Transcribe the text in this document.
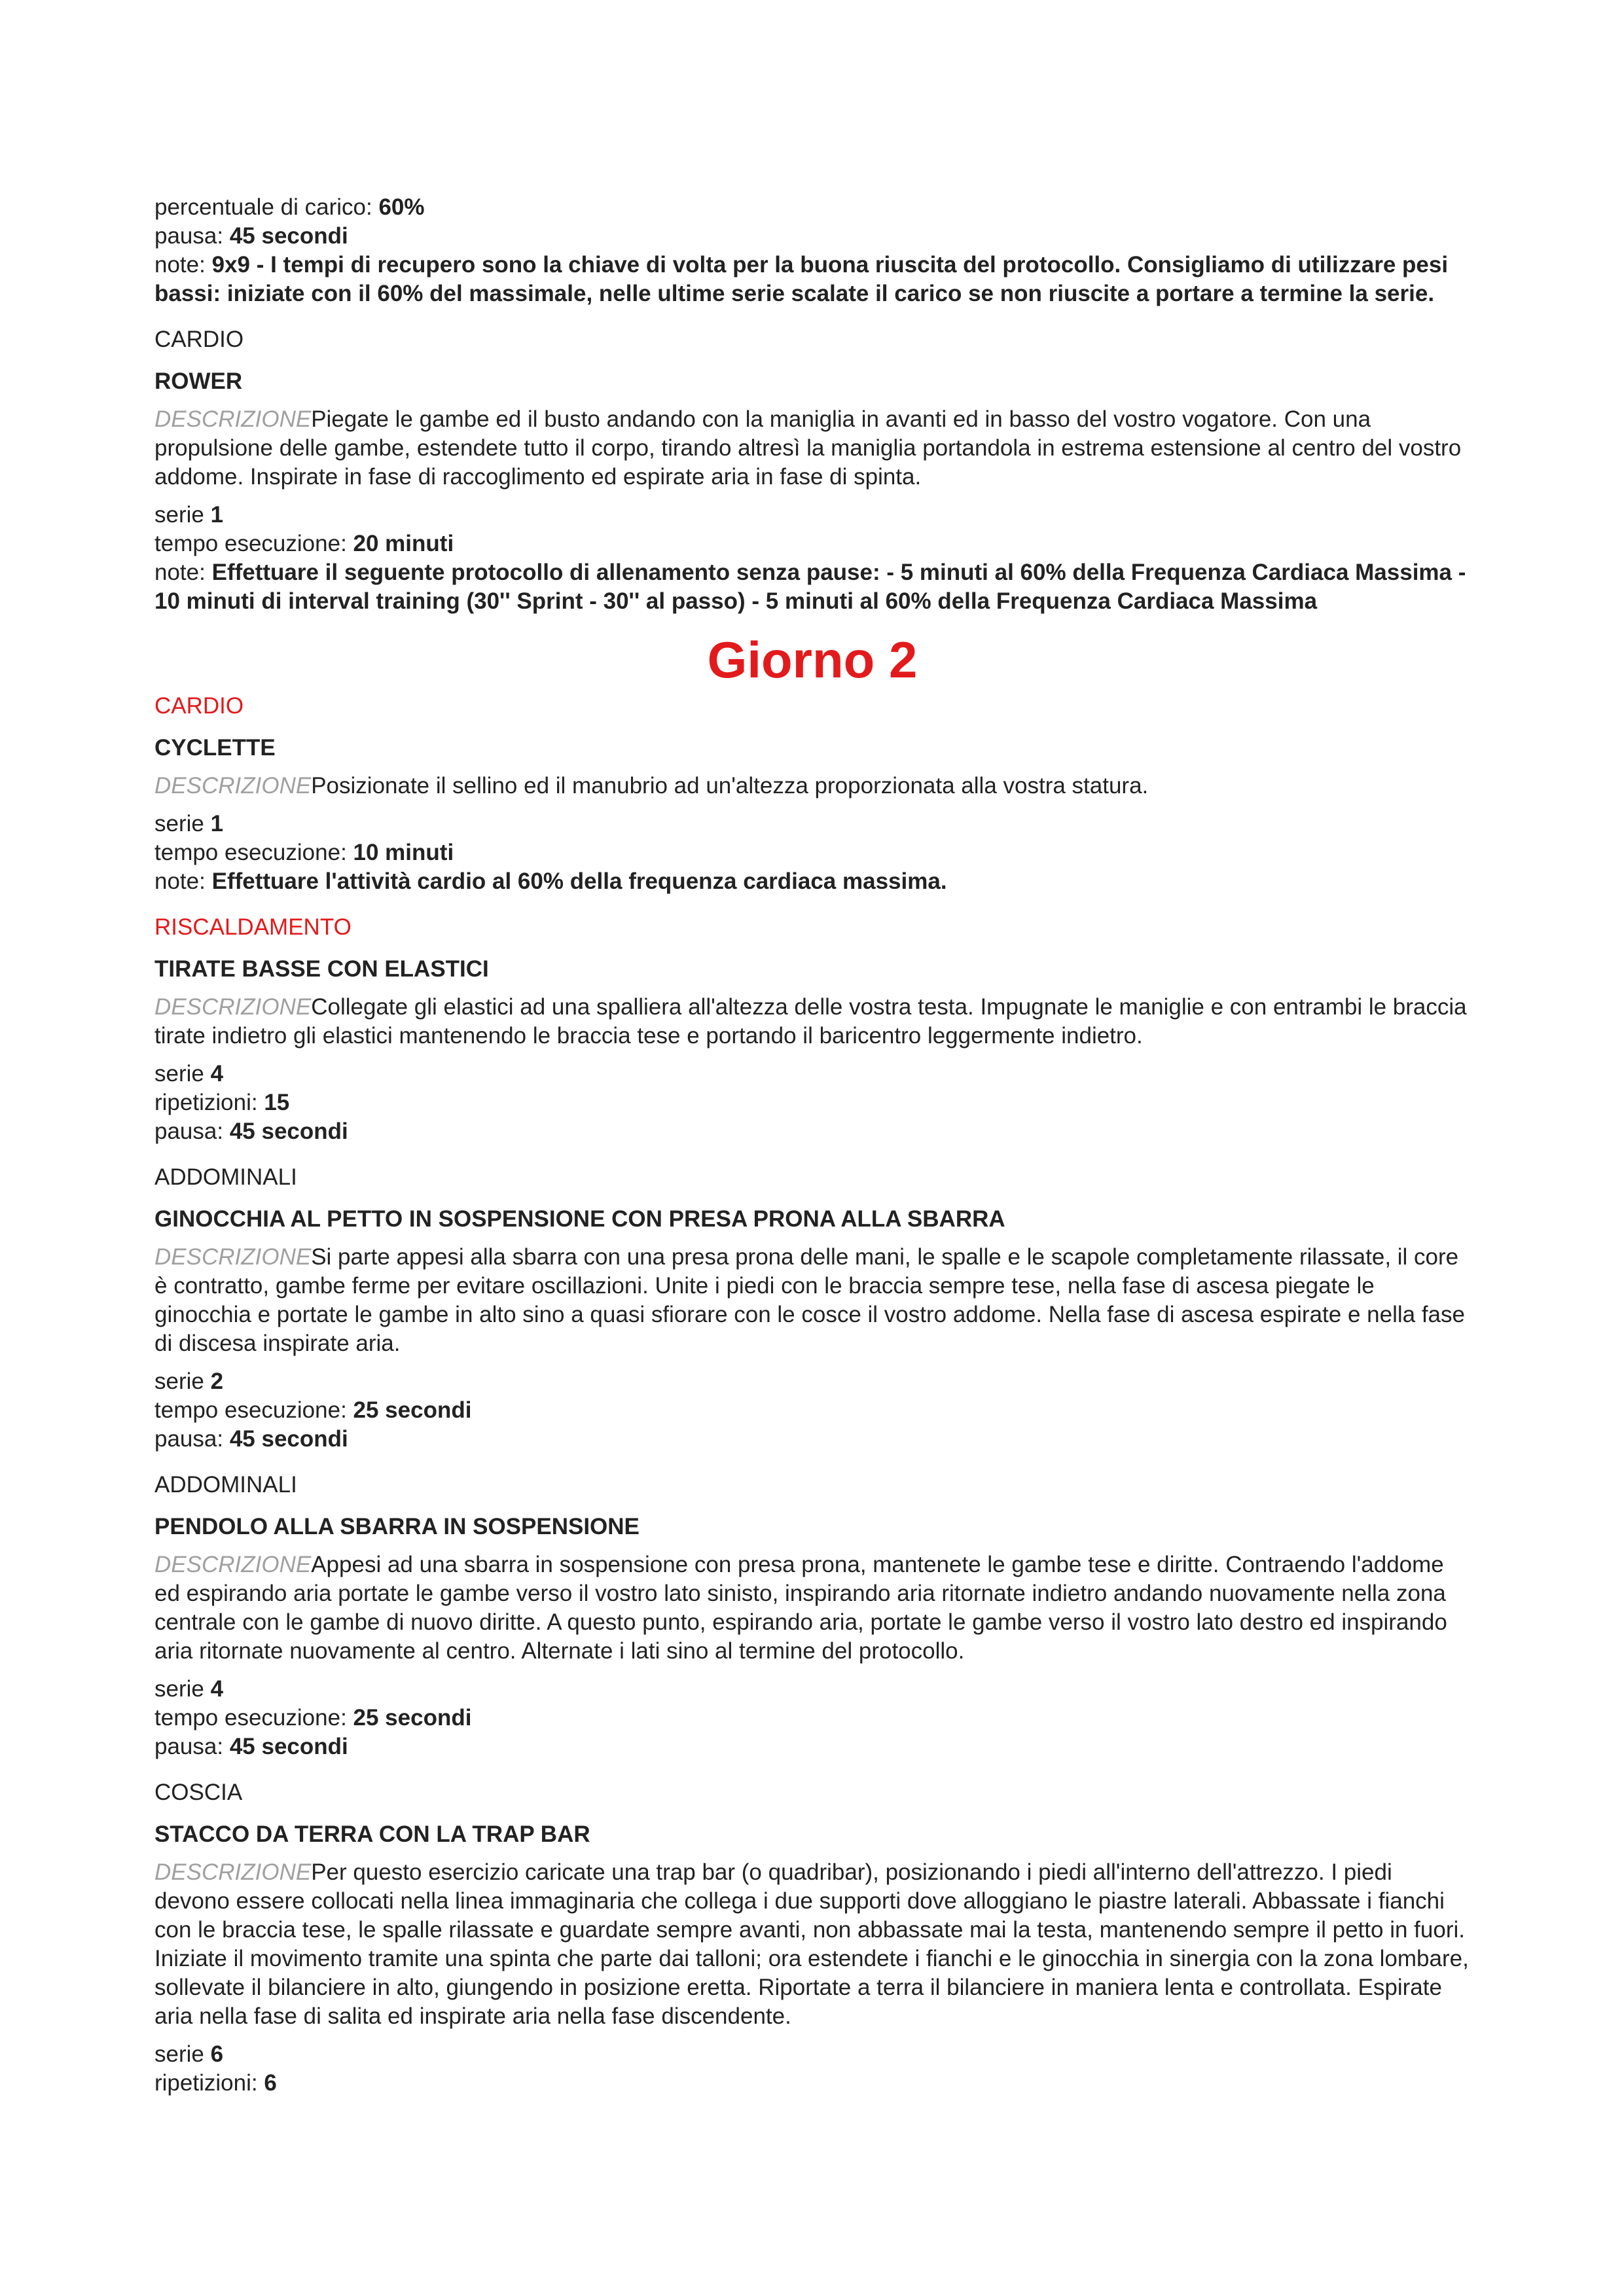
percentuale di carico: 60%

pausa: 45 secondi

note: 9x9 - I tempi di recupero sono la chiave di volta per la buona riuscita del protocollo. Consigliamo di utilizzare pesi bassi: iniziate con il 60% del massimale, nelle ultime serie scalate il carico se non riuscite a portare a termine la serie.

CARDIO

ROWER

DESCRIZIONEPiegate le gambe ed il busto andando con la maniglia in avanti ed in basso del vostro vogatore. Con una propulsione delle gambe, estendete tutto il corpo, tirando altresì la maniglia portandola in estrema estensione al centro del vostro addome. Inspirate in fase di raccoglimento ed espirate aria in fase di spinta.

serie 1

tempo esecuzione: 20 minuti

note: Effettuare il seguente protocollo di allenamento senza pause: - 5 minuti al 60% della Frequenza Cardiaca Massima - 10 minuti di interval training (30'' Sprint - 30'' al passo) - 5 minuti al 60% della Frequenza Cardiaca Massima

Giorno 2

CARDIO

CYCLETTE

DESCRIZIONEPosizionate il sellino ed il manubrio ad un'altezza proporzionata alla vostra statura.

serie 1

tempo esecuzione: 10 minuti

note: Effettuare l'attività cardio al 60% della frequenza cardiaca massima.

RISCALDAMENTO

TIRATE BASSE CON ELASTICI

DESCRIZIONECollegate gli elastici ad una spalliera all'altezza delle vostra testa. Impugnate le maniglie e con entrambi le braccia tirate indietro gli elastici mantenendo le braccia tese e portando il baricentro leggermente indietro.

serie 4

ripetizioni: 15

pausa: 45 secondi

ADDOMINALI

GINOCCHIA AL PETTO IN SOSPENSIONE CON PRESA PRONA ALLA SBARRA

DESCRIZIONESi parte appesi alla sbarra con una presa prona delle mani, le spalle e le scapole completamente rilassate, il core è contratto, gambe ferme per evitare oscillazioni. Unite i piedi con le braccia sempre tese, nella fase di ascesa piegate le ginocchia e portate le gambe in alto sino a quasi sfiorare con le cosce il vostro addome. Nella fase di ascesa espirate e nella fase di discesa inspirate aria.

serie 2

tempo esecuzione: 25 secondi

pausa: 45 secondi

ADDOMINALI

PENDOLO ALLA SBARRA IN SOSPENSIONE

DESCRIZIONEAppesi ad una sbarra in sospensione con presa prona, mantenete le gambe tese e diritte. Contraendo l'addome ed espirando aria portate le gambe verso il vostro lato sinisto, inspirando aria ritornate indietro andando nuovamente nella zona centrale con le gambe di nuovo diritte. A questo punto, espirando aria, portate le gambe verso il vostro lato destro ed inspirando aria ritornate nuovamente al centro. Alternate i lati sino al termine del protocollo.

serie 4

tempo esecuzione: 25 secondi

pausa: 45 secondi

COSCIA

STACCO DA TERRA CON LA TRAP BAR

DESCRIZIONEPer questo esercizio caricate una trap bar (o quadribar), posizionando i piedi all'interno dell'attrezzo. I piedi devono essere collocati nella linea immaginaria che collega i due supporti dove alloggiano le piastre laterali. Abbassate i fianchi con le braccia tese, le spalle rilassate e guardate sempre avanti, non abbassate mai la testa, mantenendo sempre il petto in fuori. Iniziate il movimento tramite una spinta che parte dai talloni; ora estendete i fianchi e le ginocchia in sinergia con la zona lombare, sollevate il bilanciere in alto, giungendo in posizione eretta. Riportate a terra il bilanciere in maniera lenta e controllata. Espirate aria nella fase di salita ed inspirate aria nella fase discendente.

serie 6

ripetizioni: 6
